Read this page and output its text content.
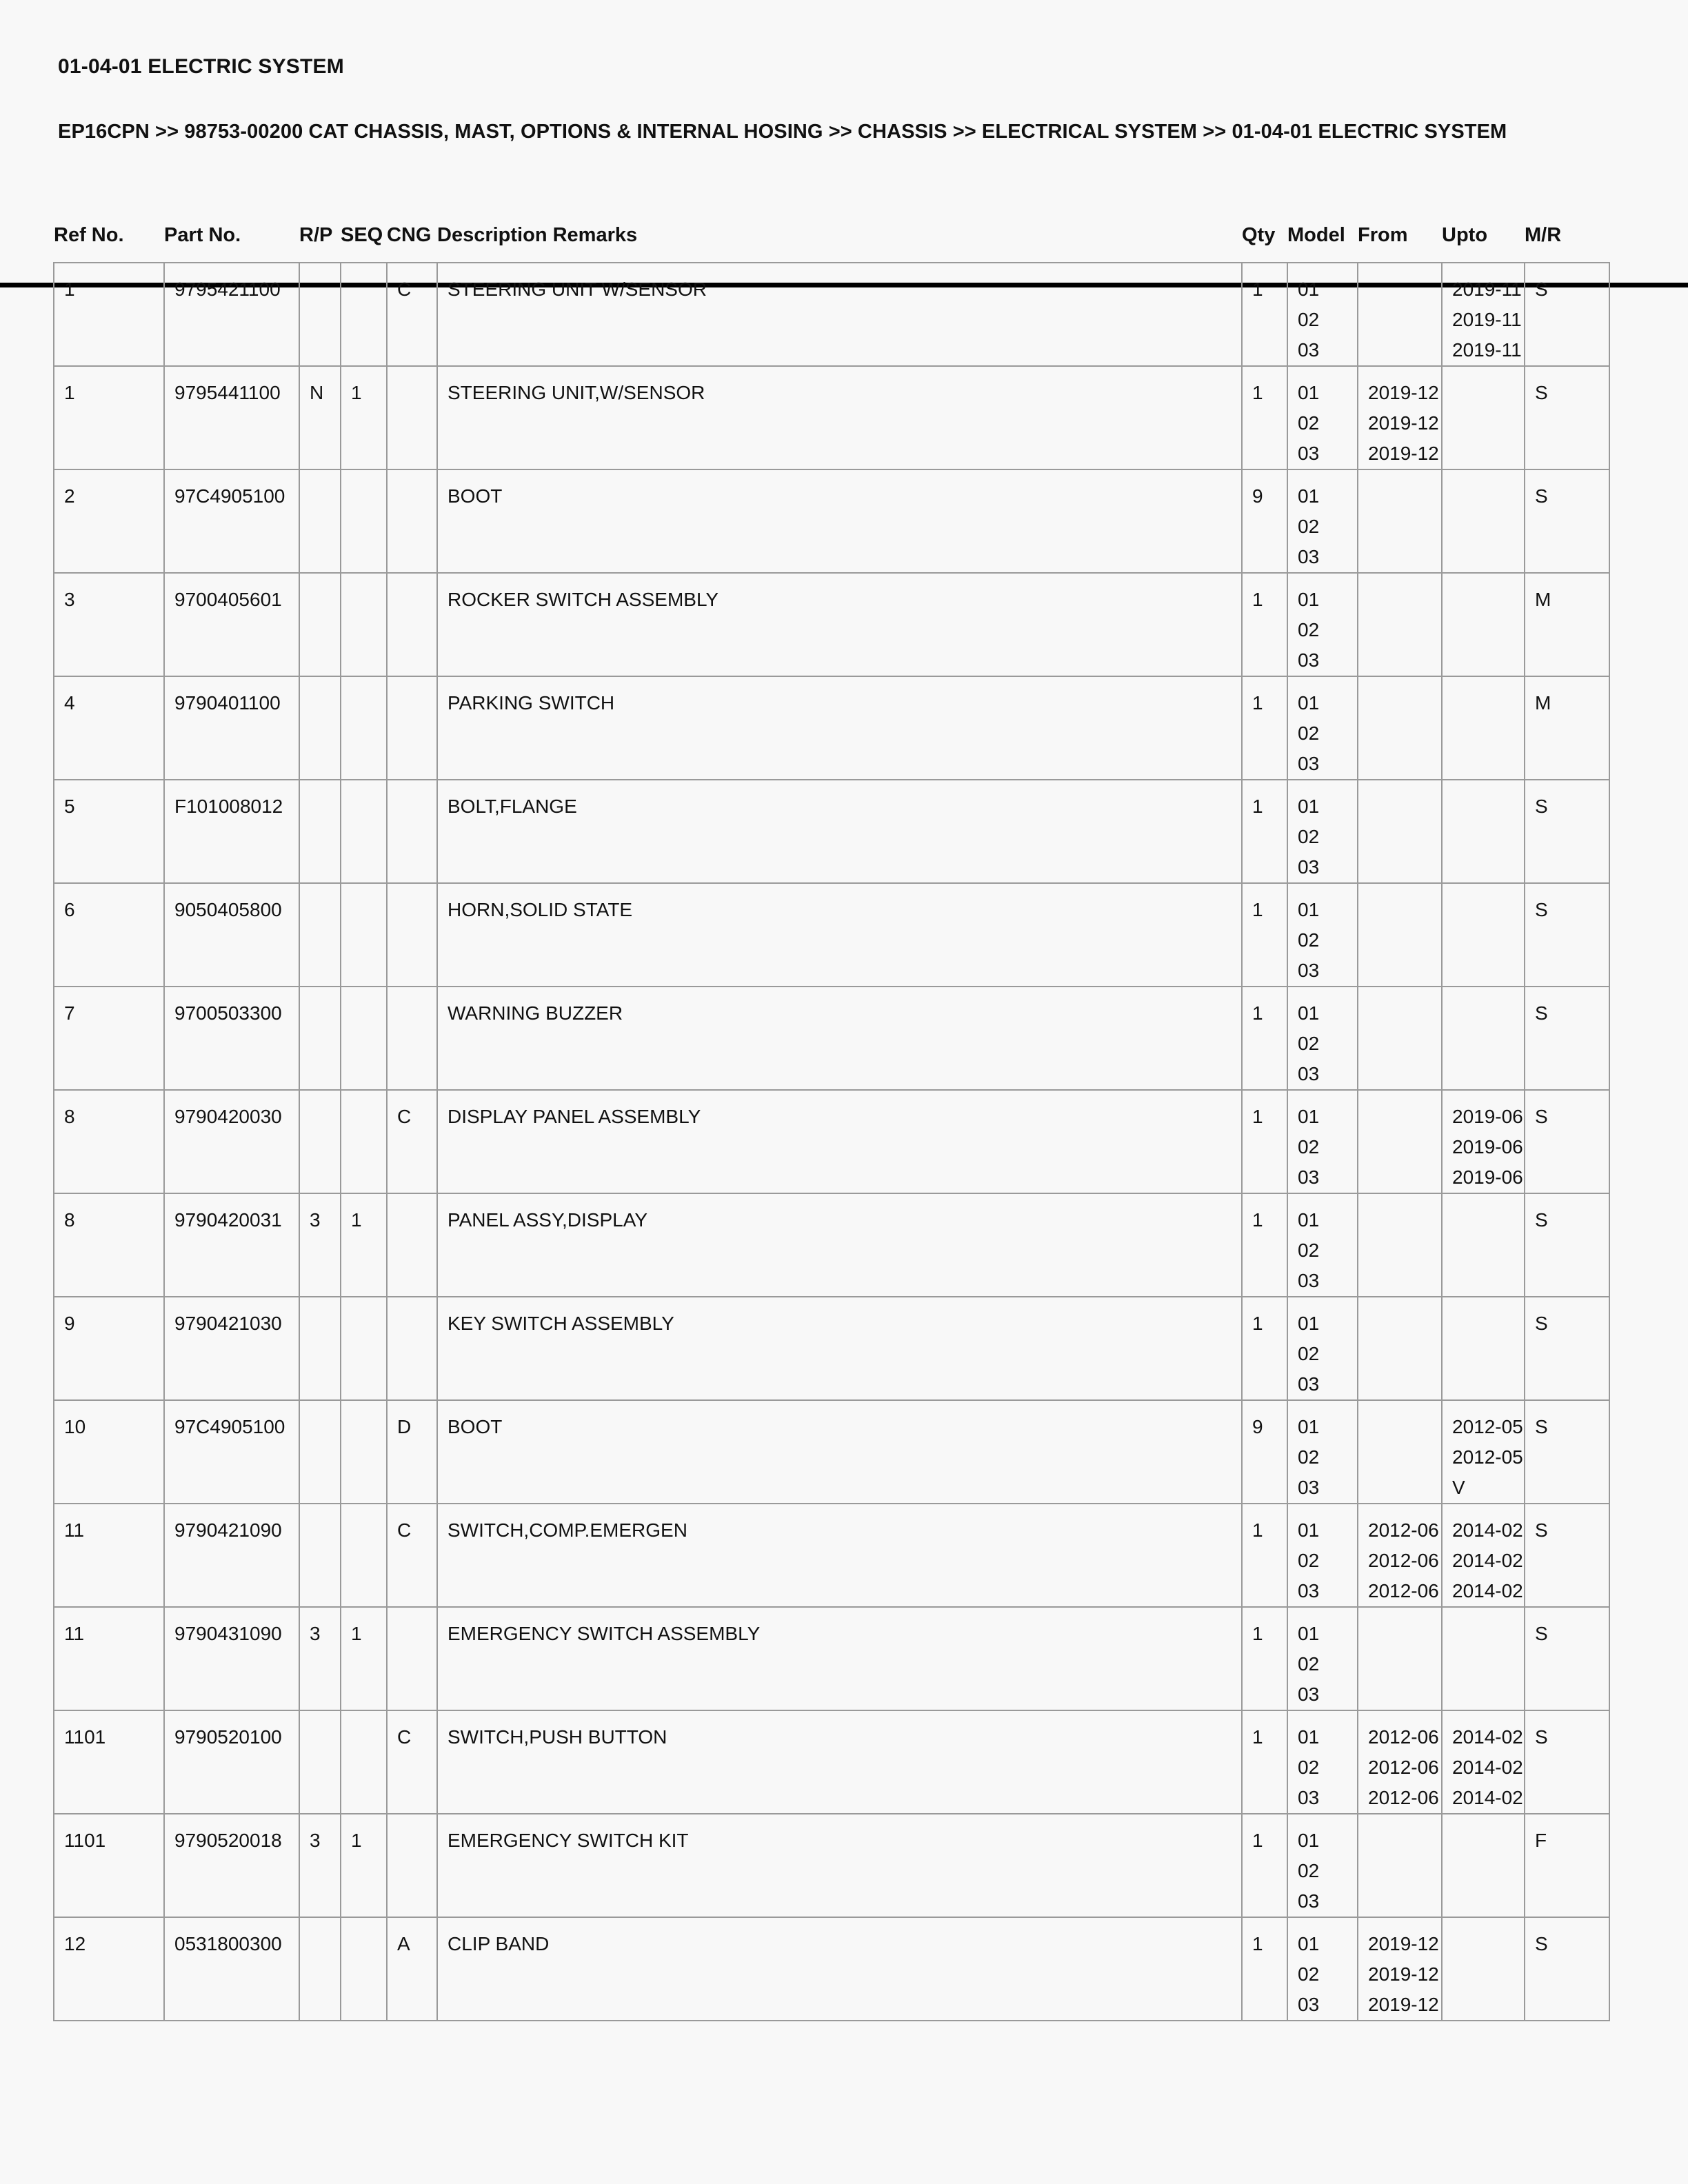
01-04-01 ELECTRIC SYSTEM
EP16CPN >> 98753-00200 CAT CHASSIS, MAST, OPTIONS & INTERNAL HOSING >> CHASSIS >> ELECTRICAL SYSTEM >> 01-04-01 ELECTRIC SYSTEM
Ref No.	Part No.	R/P	SEQ	CNG	Description Remarks	Qty	Model	From	Upto	M/R
1	9795421100			C	STEERING UNIT W/SENSOR	1	01
02
03		2019-11
2019-11
2019-11	S
1	9795441100	N	1		STEERING UNIT,W/SENSOR	1	01
02
03	2019-12
2019-12
2019-12		S
2	97C4905100				BOOT	9	01
02
03			S
3	9700405601				ROCKER SWITCH ASSEMBLY	1	01
02
03			M
4	9790401100				PARKING SWITCH	1	01
02
03			M
5	F101008012				BOLT,FLANGE	1	01
02
03			S
6	9050405800				HORN,SOLID STATE	1	01
02
03			S
7	9700503300				WARNING BUZZER	1	01
02
03			S
8	9790420030			C	DISPLAY PANEL ASSEMBLY	1	01
02
03		2019-06
2019-06
2019-06	S
8	9790420031	3	1		PANEL ASSY,DISPLAY	1	01
02
03			S
9	9790421030				KEY SWITCH ASSEMBLY	1	01
02
03			S
10	97C4905100			D	BOOT	9	01
02
03		2012-05
2012-05
V	S
11	9790421090			C	SWITCH,COMP.EMERGEN	1	01
02
03	2012-06
2012-06
2012-06	2014-02
2014-02
2014-02	S
11	9790431090	3	1		EMERGENCY SWITCH ASSEMBLY	1	01
02
03			S
1101	9790520100			C	SWITCH,PUSH BUTTON	1	01
02
03	2012-06
2012-06
2012-06	2014-02
2014-02
2014-02	S
1101	9790520018	3	1		EMERGENCY SWITCH KIT	1	01
02
03			F
12	0531800300			A	CLIP BAND	1	01
02
03	2019-12
2019-12
2019-12		S
